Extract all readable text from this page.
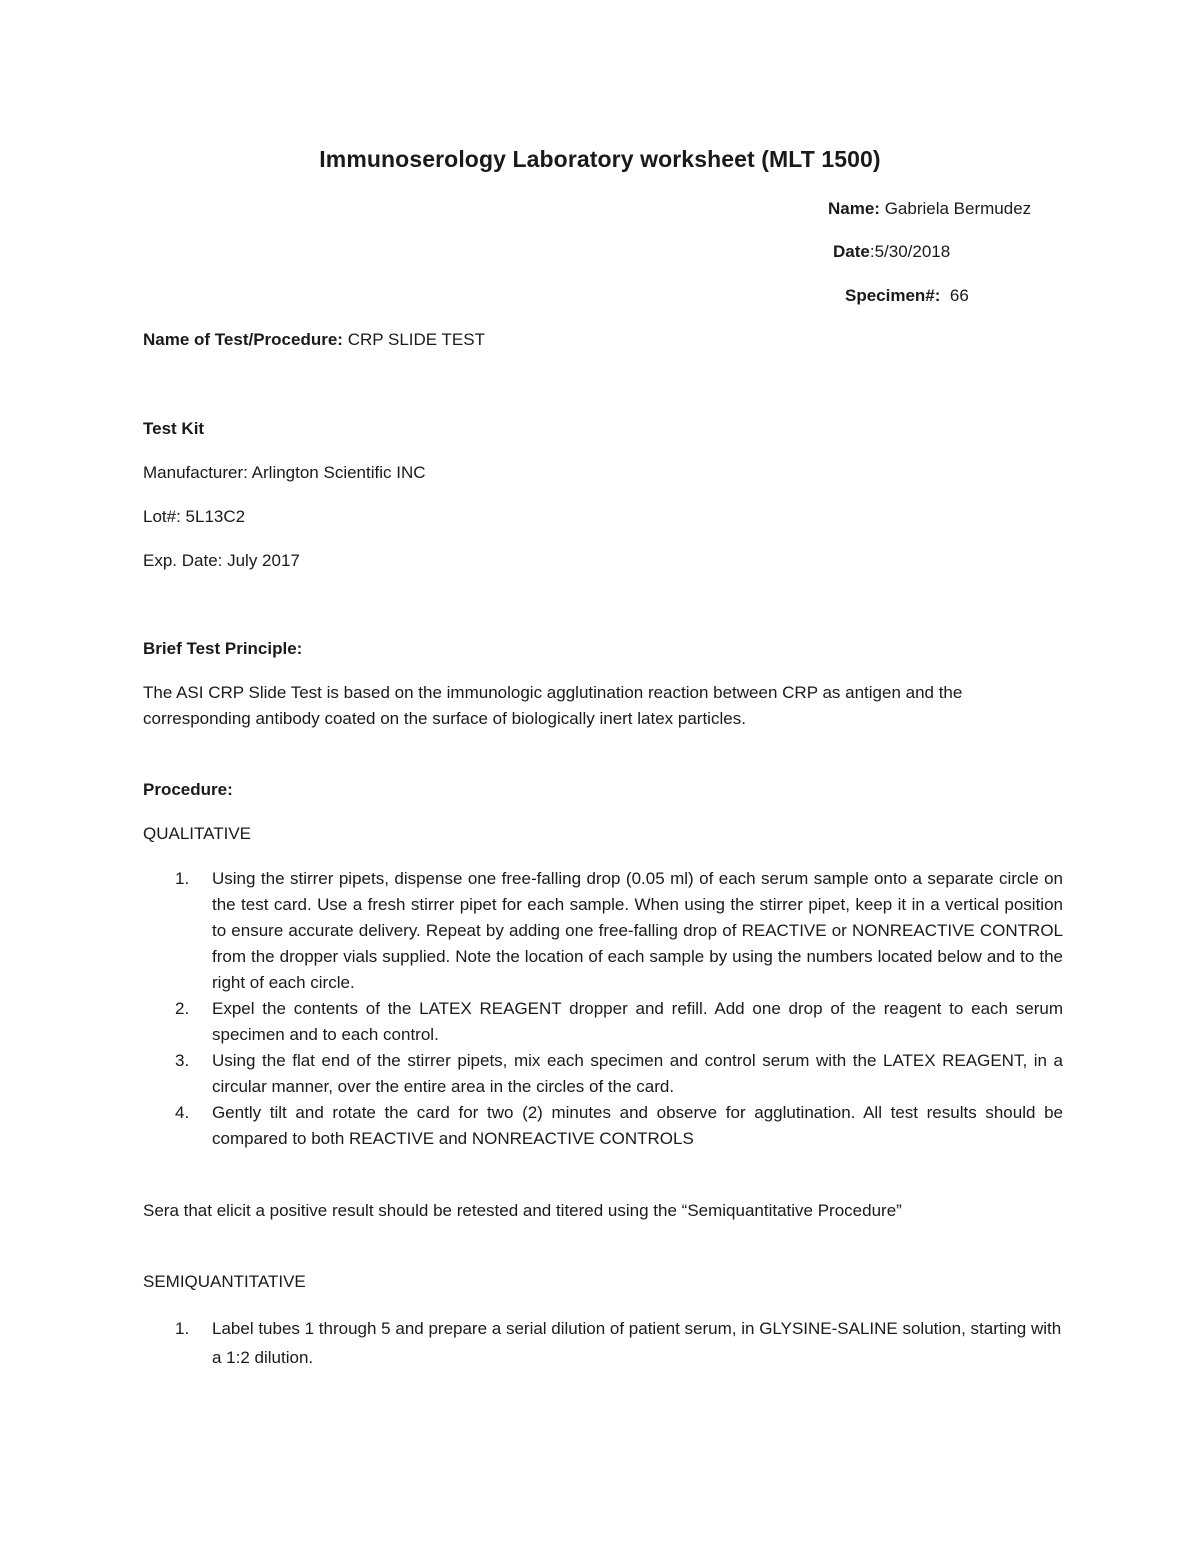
Immunoserology Laboratory worksheet (MLT 1500)
Name: Gabriela Bermudez
Date:5/30/2018
Specimen#:  66
Name of Test/Procedure: CRP SLIDE TEST
Test Kit
Manufacturer: Arlington Scientific INC
Lot#: 5L13C2
Exp. Date: July 2017
Brief Test Principle:
The ASI CRP Slide Test is based on the immunologic agglutination reaction between CRP as antigen and the corresponding antibody coated on the surface of biologically inert latex particles.
Procedure:
QUALITATIVE
1. Using the stirrer pipets, dispense one free-falling drop (0.05 ml) of each serum sample onto a separate circle on the test card. Use a fresh stirrer pipet for each sample. When using the stirrer pipet, keep it in a vertical position to ensure accurate delivery. Repeat by adding one free-falling drop of REACTIVE or NONREACTIVE CONTROL from the dropper vials supplied. Note the location of each sample by using the numbers located below and to the right of each circle.
2. Expel the contents of the LATEX REAGENT dropper and refill. Add one drop of the reagent to each serum specimen and to each control.
3. Using the flat end of the stirrer pipets, mix each specimen and control serum with the LATEX REAGENT, in a circular manner, over the entire area in the circles of the card.
4. Gently tilt and rotate the card for two (2) minutes and observe for agglutination. All test results should be compared to both REACTIVE and NONREACTIVE CONTROLS
Sera that elicit a positive result should be retested and titered using the “Semiquantitative Procedure”
SEMIQUANTITATIVE
1. Label tubes 1 through 5 and prepare a serial dilution of patient serum, in GLYSINE-SALINE solution, starting with a 1:2 dilution.
